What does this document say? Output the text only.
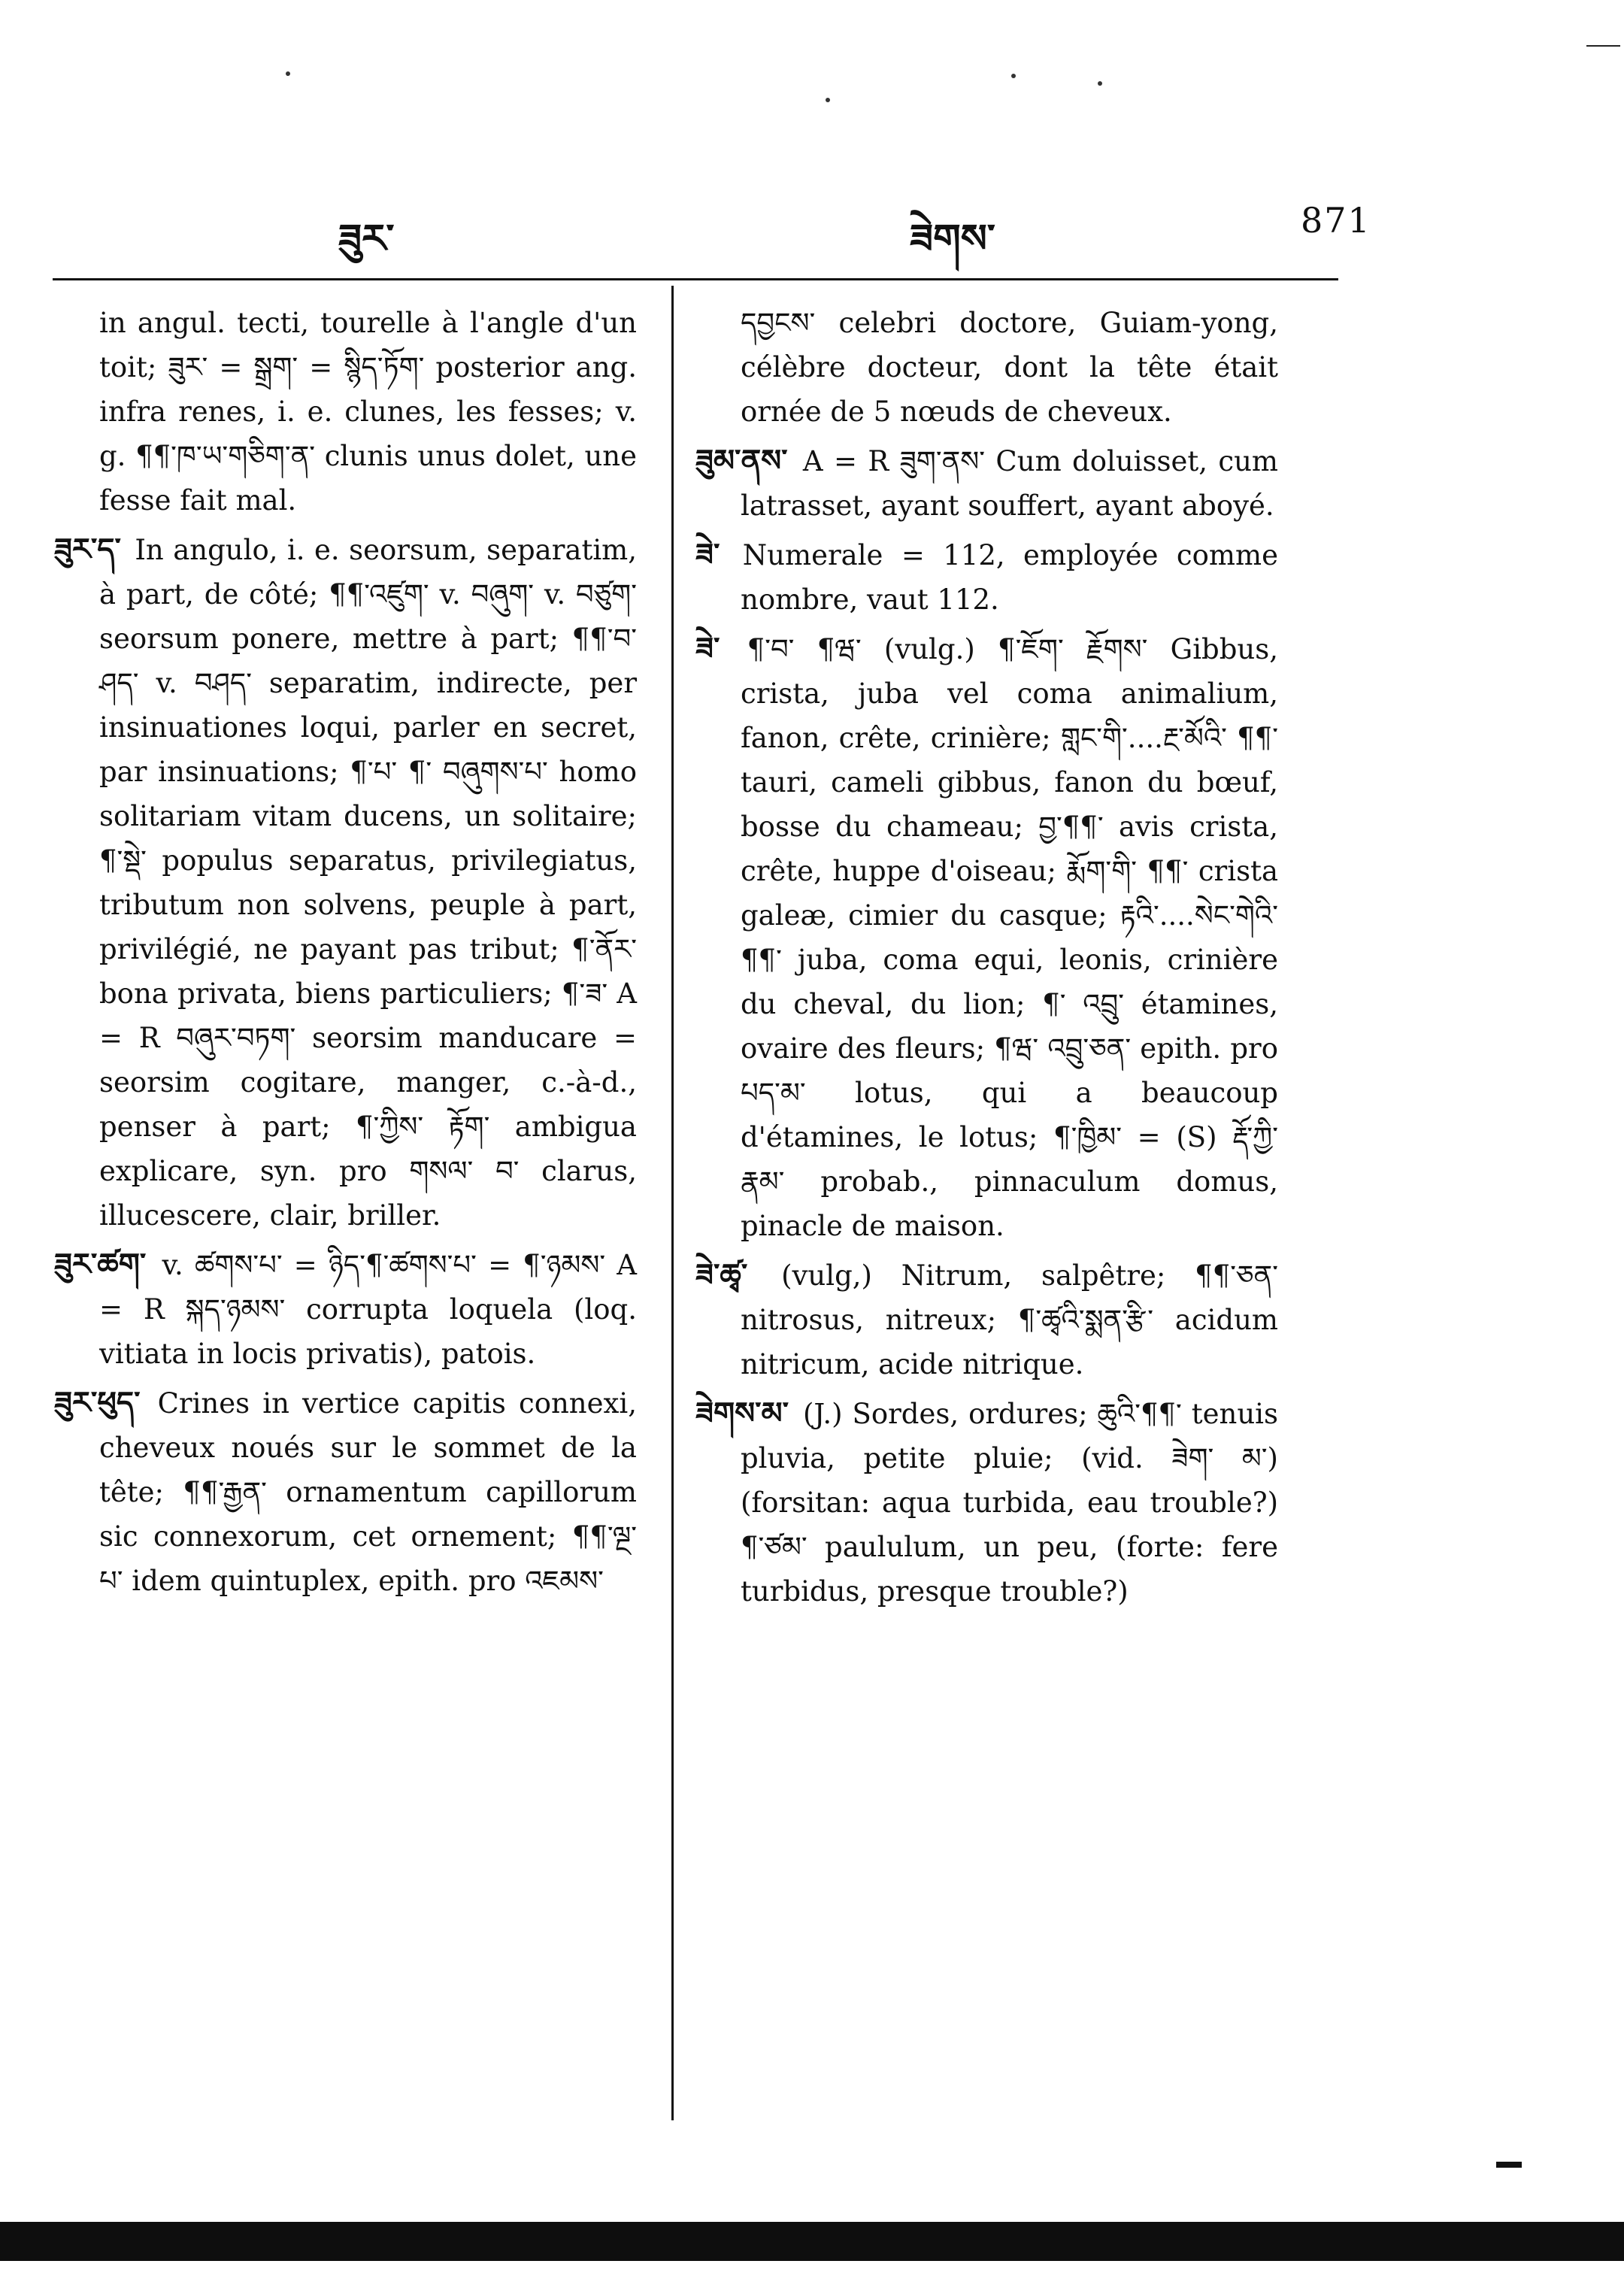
ཟུར་	ཟེགས་	871

in angul. tecti, tourelle à l'angle d'un toit; ཟུར་ = སྒྲག་ = སྙིད་ཏོག་ posterior ang. infra renes, i. e. clunes, les fesses; v. g. ¶¶་ཁ་ཡ་གཅིག་ན་ clunis unus dolet, une fesse fait mal.

ཟུར་ད་ In angulo, i. e. seorsum, separatim, à part, de côté; ¶¶་འཛུག་ v. བཞུག་ v. བཙུག་ seorsum ponere, mettre à part; ¶¶་བ་ཤད་ v. བཤད་ separatim, indirecte, per insinuationes loqui, parler en secret, par insinuations; ¶་པ་ ¶་ བཞུགས་པ་ homo solitariam vitam ducens, un solitaire; ¶་སྡེ་ populus separatus, privilegiatus, tributum non solvens, peuple à part, privilégié, ne payant pas tribut; ¶་ནོར་ bona privata, biens particuliers; ¶་ཟ་ A = R བཞུར་བཏག་ seorsim manducare = seorsim cogitare, manger, c.-à-d., penser à part; ¶་ཀྱིས་ རྟོག་ ambigua explicare, syn. pro གསལ་ བ་ clarus, illucescere, clair, briller.

ཟུར་ཚག་ v. ཚགས་པ་ = ཉིད་¶་ཚགས་པ་ = ¶་ཉམས་ A = R སྐད་ཉམས་ corrupta loquela (loq. vitiata in locis privatis), patois.

ཟུར་ཕུད་ Crines in vertice capitis connexi, cheveux noués sur le sommet de la tête; ¶¶་རྒྱན་ ornamentum capillorum sic connexorum, cet ornement; ¶¶་ལྔ་ པ་ idem quintuplex, epith. pro འཇམས་

དབྱངས་ celebri doctore, Guiam-yong, célèbre docteur, dont la tête était ornée de 5 nœuds de cheveux.

ཟུམ་ནས་ A = R ཟུག་ནས་ Cum doluisset, cum latrasset, ayant souffert, ayant aboyé.

ཟེ་ Numerale = 112, employée comme nombre, vaut 112.

ཟེ་ ¶་བ་ ¶ཝ་ (vulg.) ¶་ཇོག་ རྗོགས་ Gibbus, crista, juba vel coma animalium, fanon, crête, crinière; གླང་གི་....རྔ་མོའི་ ¶¶་ tauri, cameli gibbus, fanon du bœuf, bosse du chameau; བྱ་¶¶་ avis crista, crête, huppe d'oiseau; རྨོག་གི་ ¶¶་ crista galeæ, cimier du casque; རྟའི་....སེང་གེའི་¶¶་ juba, coma equi, leonis, crinière du cheval, du lion; ¶་ འབྲུ་ étamines, ovaire des fleurs; ¶ཝ་ འབྲུ་ཅན་ epith. pro པད་མ་ lotus, qui a beaucoup d'étamines, le lotus; ¶་ཁྱིམ་ = (S) རྡོ་ཀྱི་རྣམ་ probab., pinnaculum domus, pinacle de maison.

ཟེ་ཚྭ་ (vulg,) Nitrum, salpêtre; ¶¶་ཅན་ nitrosus, nitreux; ¶་ཚྭའི་སྨན་རྩི་ acidum nitricum, acide nitrique.

ཟེགས་མ་ (J.) Sordes, ordures; ཆུའི་¶¶་ tenuis pluvia, petite pluie; (vid. ཟེག་ མ་) (forsitan: aqua turbida, eau trouble?) ¶་ཙམ་ paululum, un peu, (forte: fere turbidus, presque trouble?)
